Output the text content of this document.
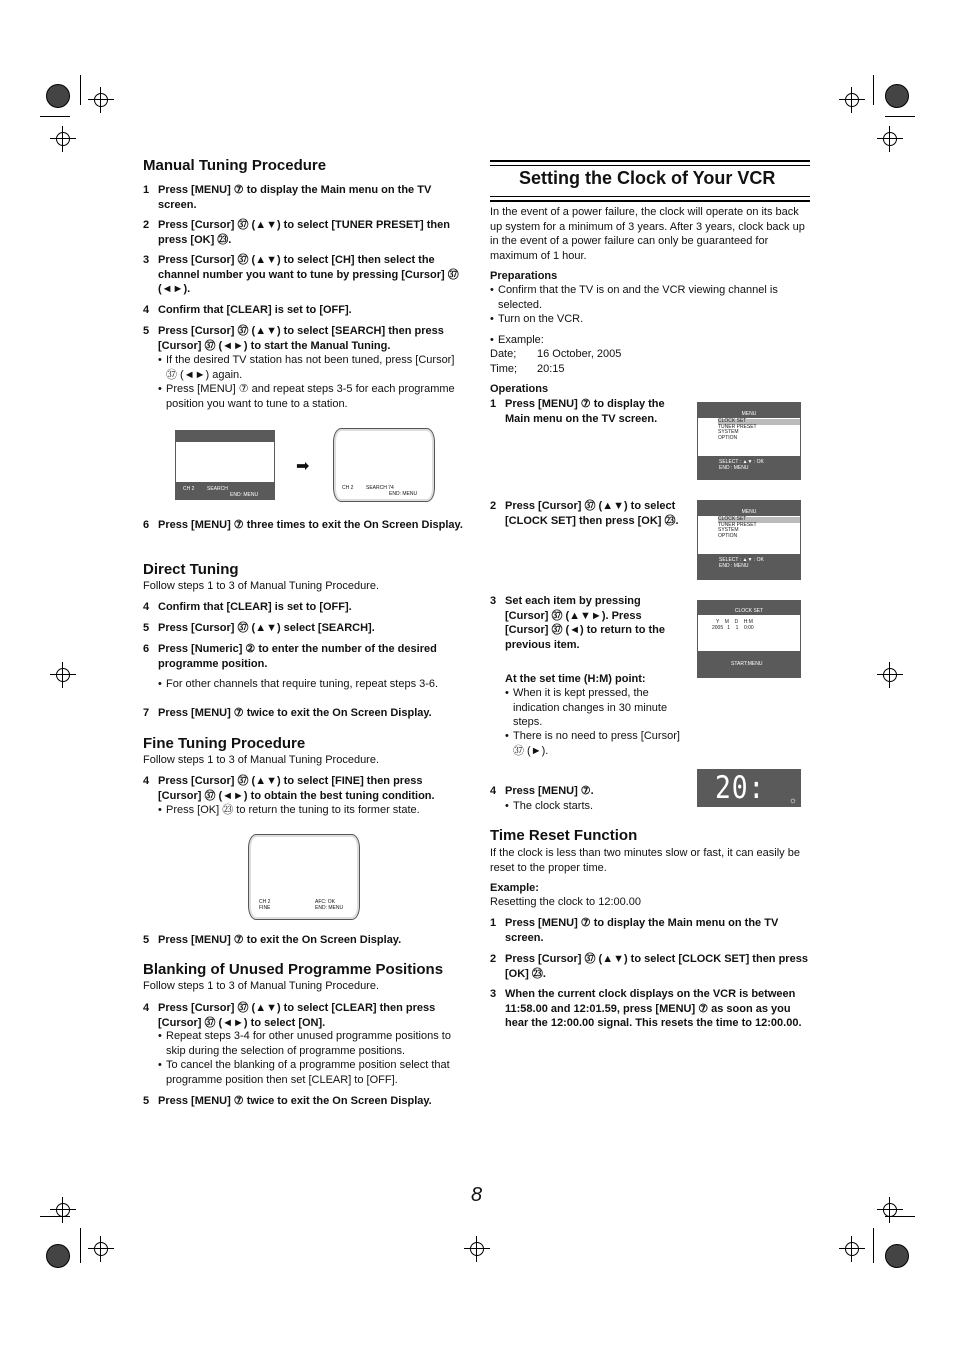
Manual Tuning Procedure
1 Press [MENU] ⑦ to display the Main menu on the TV screen.
2 Press [Cursor] ㊲ (▲▼) to select [TUNER PRESET] then press [OK] ㉓.
3 Press [Cursor] ㊲ (▲▼) to select [CH] then select the channel number you want to tune by pressing [Cursor] ㊲ (◄►).
4 Confirm that [CLEAR] is set to [OFF].
5 Press [Cursor] ㊲ (▲▼) to select [SEARCH] then press [Cursor] ㊲ (◄►) to start the Manual Tuning.
• If the desired TV station has not been tuned, press [Cursor] ㊲ (◄►) again.
• Press [MENU] ⑦ and repeat steps 3-5 for each programme position you want to tune to a station.
CH 2	SEARCH
END: MENU
➡
CH 2	SEARCH 74
END: MENU
6 Press [MENU] ⑦ three times to exit the On Screen Display.
Direct Tuning
Follow steps 1 to 3 of Manual Tuning Procedure.
4 Confirm that [CLEAR] is set to [OFF].
5 Press [Cursor] ㊲ (▲▼) select [SEARCH].
6 Press [Numeric] ② to enter the number of the desired programme position.
• For other channels that require tuning, repeat steps 3-6.
7 Press [MENU] ⑦ twice to exit the On Screen Display.
Fine Tuning Procedure
Follow steps 1 to 3 of Manual Tuning Procedure.
4 Press [Cursor] ㊲ (▲▼) to select [FINE] then press [Cursor] ㊲ (◄►) to obtain the best tuning condition.
• Press [OK] ㉓ to return the tuning to its former state.
CH 2
FINE
AFC: OK
END: MENU
5 Press [MENU] ⑦ to exit the On Screen Display.
Blanking of Unused Programme Positions
Follow steps 1 to 3 of Manual Tuning Procedure.
4 Press [Cursor] ㊲ (▲▼) to select [CLEAR] then press [Cursor] ㊲ (◄►) to select [ON].
• Repeat steps 3-4 for other unused programme positions to skip during the selection of programme positions.
• To cancel the blanking of a programme position select that programme position then set [CLEAR] to [OFF].
5 Press [MENU] ⑦ twice to exit the On Screen Display.
Setting the Clock of Your VCR
In the event of a power failure, the clock will operate on its back up system for a minimum of 3 years. After 3 years, clock back up in the event of a power failure can only be guaranteed for maximum of 1 hour.
Preparations
• Confirm that the TV is on and the VCR viewing channel is selected.
• Turn on the VCR.
• Example:
Date; 16 October, 2005
Time; 20:15
Operations
1 Press [MENU] ⑦ to display the Main menu on the TV screen.	MENU
CLOCK SET
TUNER PRESET
SYSTEM
OPTION
SELECT : ▲▼ : OK
END : MENU
2 Press [Cursor] ㊲ (▲▼) to select [CLOCK SET] then press [OK] ㉓.
MENU
CLOCK SET
TUNER PRESET
SYSTEM
OPTION
SELECT : ▲▼ : OK
END : MENU
3 Set each item by pressing [Cursor] ㊲ (▲▼►). Press [Cursor] ㊲ (◄) to return to the previous item.
CLOCK SET
Y    M    D    H:M
2005   1    1    0:00
START:MENU
At the set time (H:M) point:
• When it is kept pressed, the indication changes in 30 minute steps.
• There is no need to press [Cursor] ㊲ (►).
4 Press [MENU] ⑦.
• The clock starts.	20: 15
☼
Time Reset Function
If the clock is less than two minutes slow or fast, it can easily be reset to the proper time.
Example:
Resetting the clock to 12:00.00
1 Press [MENU] ⑦ to display the Main menu on the TV screen.
2 Press [Cursor] ㊲ (▲▼) to select [CLOCK SET] then press [OK] ㉓.
3 When the current clock displays on the VCR is between 11:58.00 and 12:01.59, press [MENU] ⑦ as soon as you hear the 12:00.00 signal. This resets the time to 12:00.00.
8
